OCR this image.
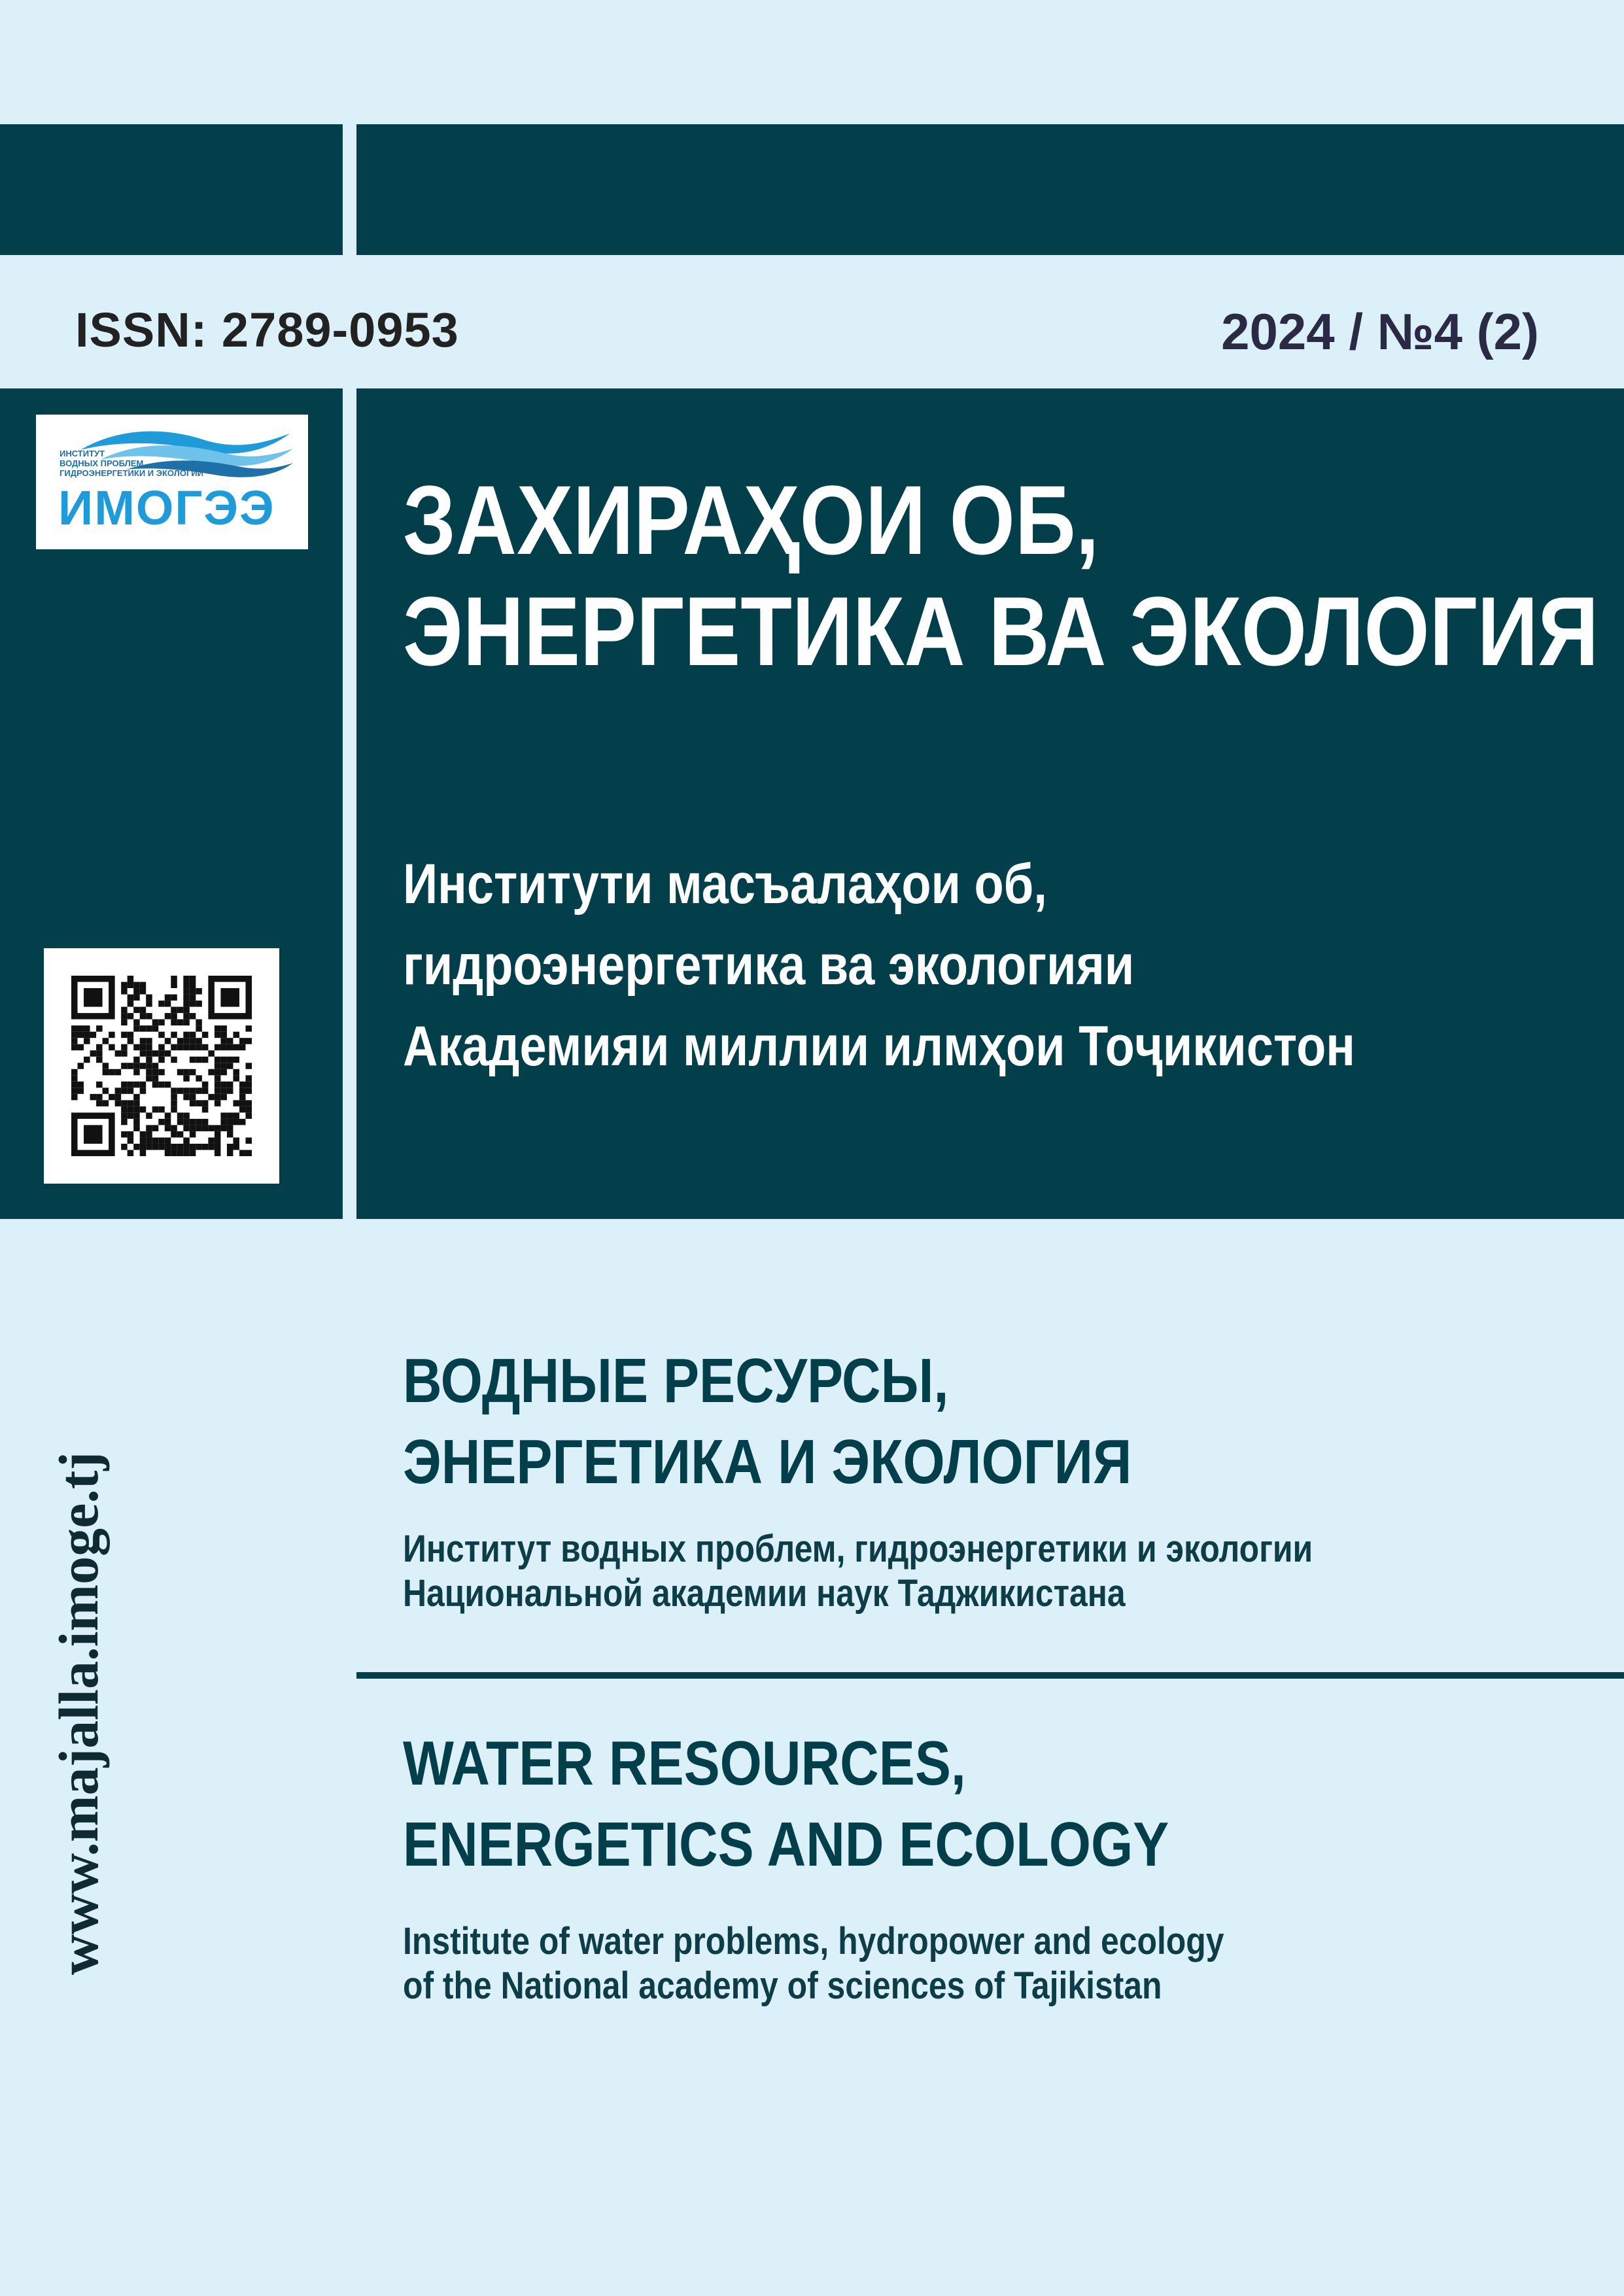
ISSN: 2789-0953	2024 / №4 (2)
ИНСТИТУТ
ВОДНЫХ ПРОБЛЕМ,
ГИДРОЭНЕРГЕТИКИ И ЭКОЛОГИИ
ИМОГЭЭ ЗАХИРАҲОИ ОБ,
ЭНЕРГЕТИКА ВА ЭКОЛОГИЯ
Институти масъалаҳои об,
гидроэнергетика ва экологияи
Академияи миллии илмҳои Тоҷикистон
www.majalla.imoge.tj
ВОДНЫЕ РЕСУРСЫ,
ЭНЕРГЕТИКА И ЭКОЛОГИЯ
Институт водных проблем, гидроэнергетики и экологии
Национальной академии наук Таджикистана
WATER RESOURCES,
ENERGETICS AND ECOLOGY
Institute of water problems, hydropower and ecology
of the National academy of sciences of Tajikistan
